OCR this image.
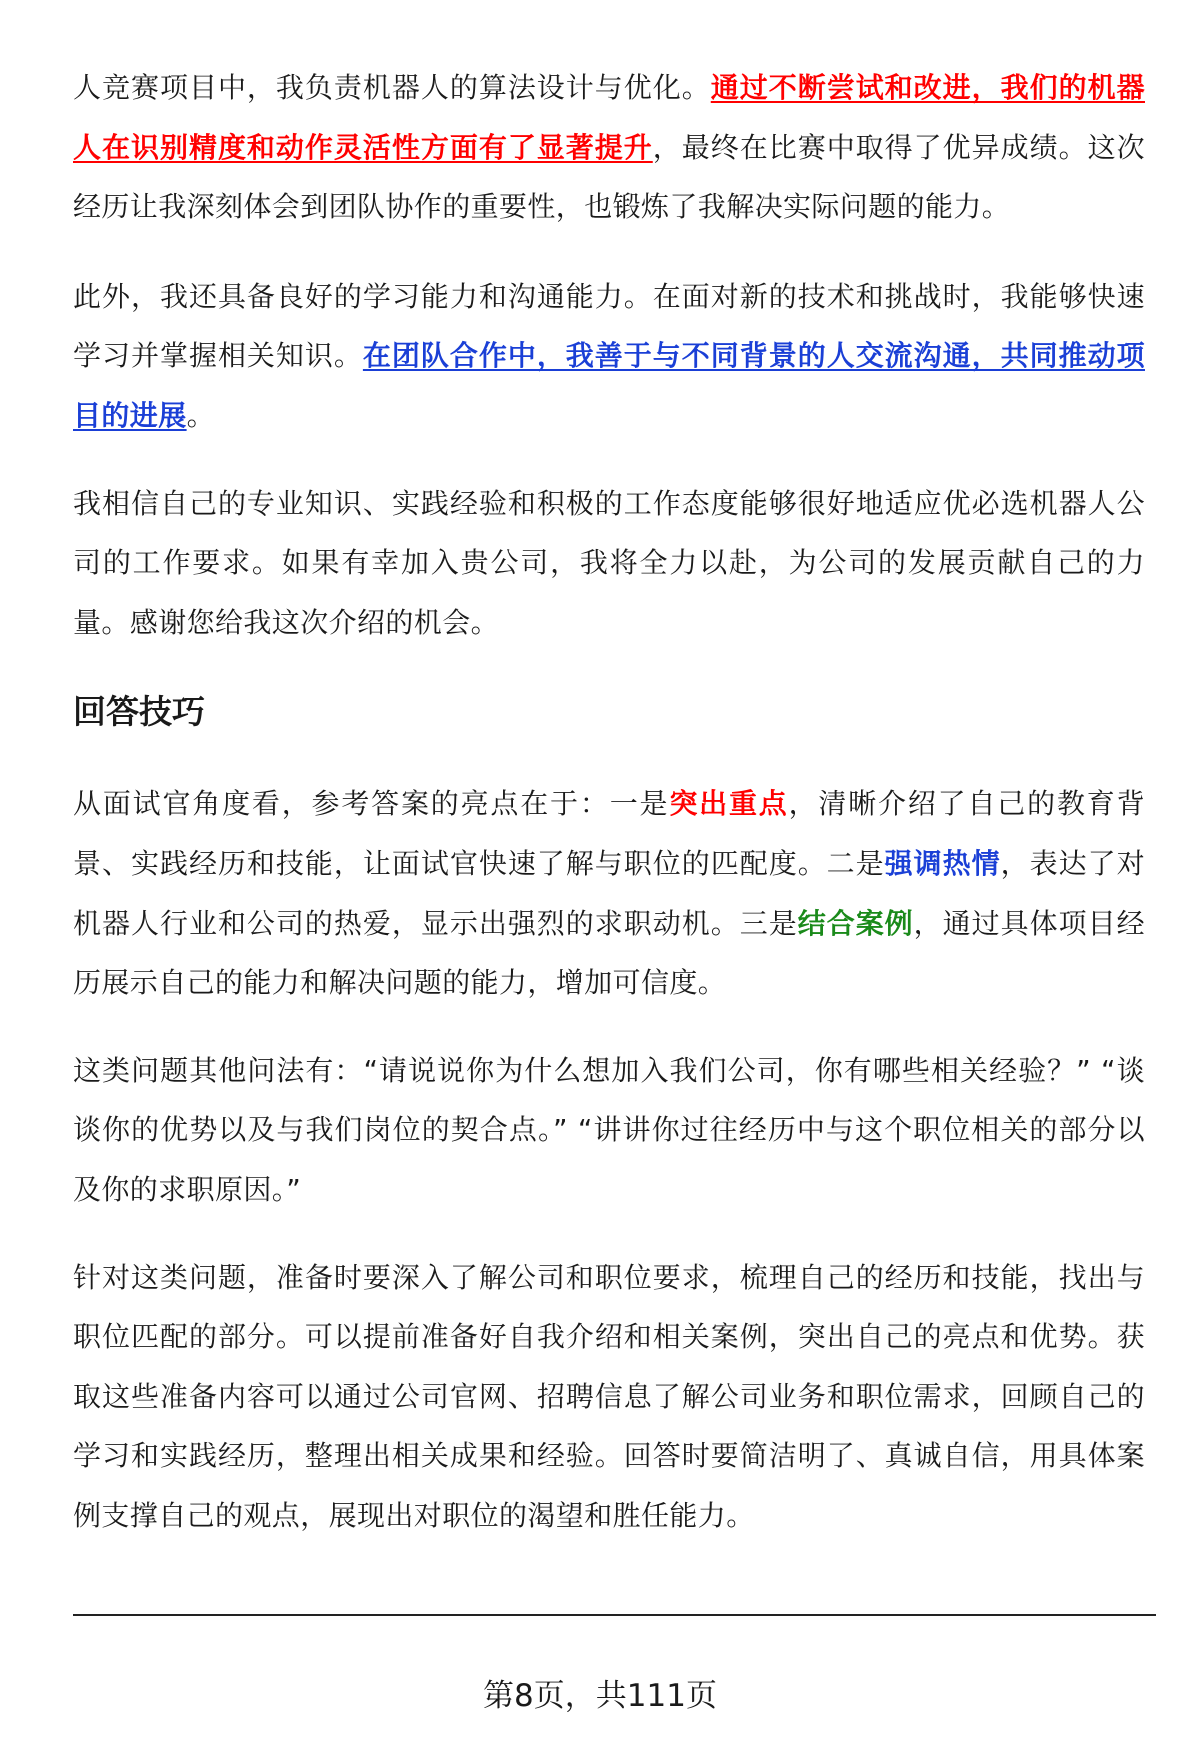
人竞赛项目中，我负责机器人的算法设计与优化。通过不断尝试和改进，我们的机器人在识别精度和动作灵活性方面有了显著提升，最终在比赛中取得了优异成绩。这次经历让我深刻体会到团队协作的重要性，也锻炼了我解决实际问题的能力。

此外，我还具备良好的学习能力和沟通能力。在面对新的技术和挑战时，我能够快速学习并掌握相关知识。在团队合作中，我善于与不同背景的人交流沟通，共同推动项目的进展。

我相信自己的专业知识、实践经验和积极的工作态度能够很好地适应优必选机器人公司的工作要求。如果有幸加入贵公司，我将全力以赴，为公司的发展贡献自己的力量。感谢您给我这次介绍的机会。

回答技巧

从面试官角度看，参考答案的亮点在于：一是突出重点，清晰介绍了自己的教育背景、实践经历和技能，让面试官快速了解与职位的匹配度。二是强调热情，表达了对机器人行业和公司的热爱，显示出强烈的求职动机。三是结合案例，通过具体项目经历展示自己的能力和解决问题的能力，增加可信度。

这类问题其他问法有：“请说说你为什么想加入我们公司，你有哪些相关经验？” “谈谈你的优势以及与我们岗位的契合点。” “讲讲你过往经历中与这个职位相关的部分以及你的求职原因。”

针对这类问题，准备时要深入了解公司和职位要求，梳理自己的经历和技能，找出与职位匹配的部分。可以提前准备好自我介绍和相关案例，突出自己的亮点和优势。获取这些准备内容可以通过公司官网、招聘信息了解公司业务和职位需求，回顾自己的学习和实践经历，整理出相关成果和经验。回答时要简洁明了、真诚自信，用具体案例支撑自己的观点，展现出对职位的渴望和胜任能力。

第8页，共111页
